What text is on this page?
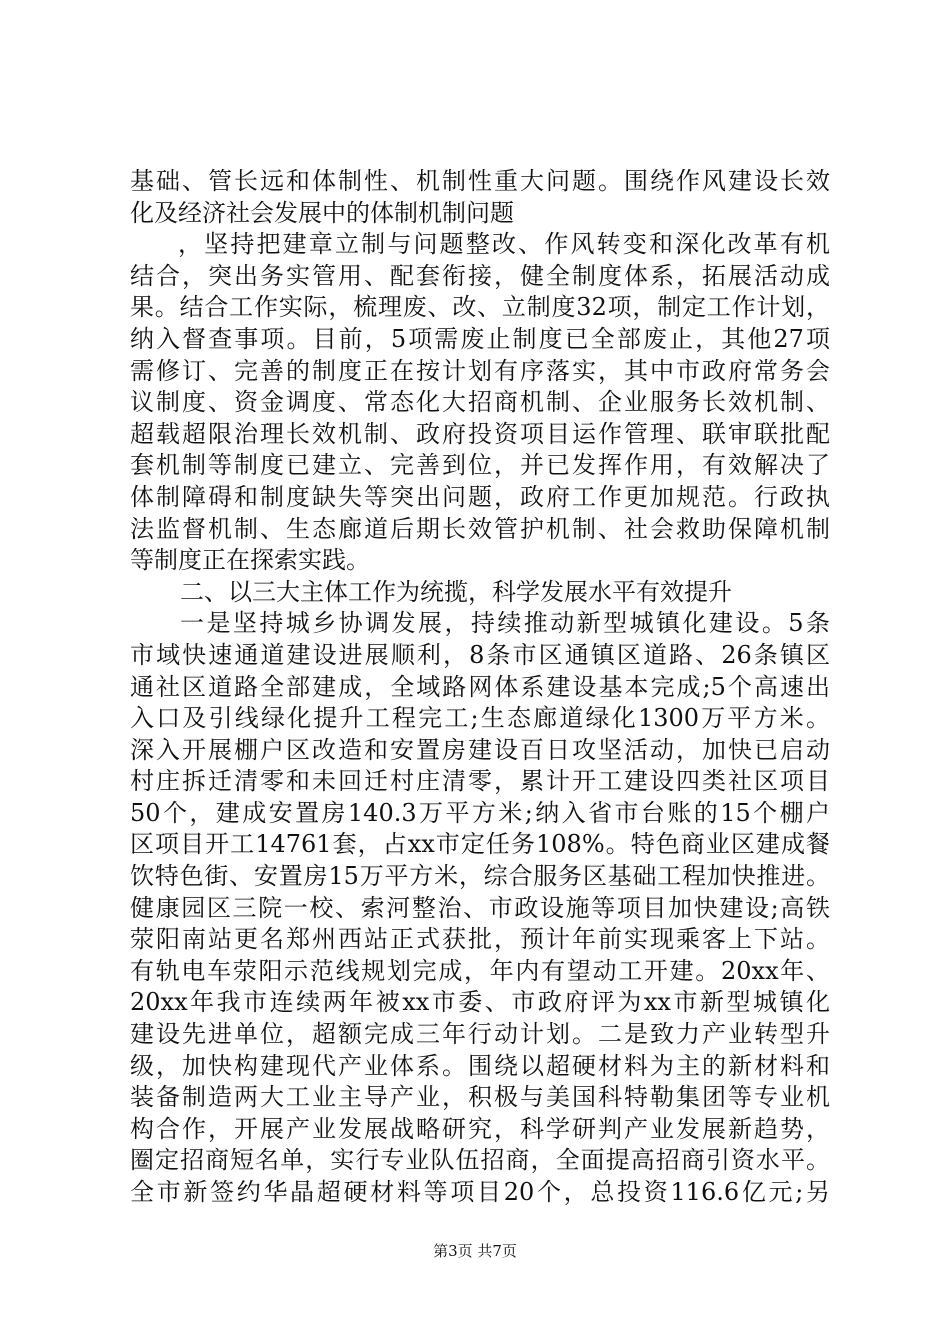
基础、管长远和体制性、机制性重大问题。围绕作风建设长效
化及经济社会发展中的体制机制问题
，坚持把建章立制与问题整改、作风转变和深化改革有机
结合，突出务实管用、配套衔接，健全制度体系，拓展活动成
果。结合工作实际，梳理废、改、立制度32项，制定工作计划，
纳入督查事项。目前，5项需废止制度已全部废止，其他27项
需修订、完善的制度正在按计划有序落实，其中市政府常务会
议制度、资金调度、常态化大招商机制、企业服务长效机制、
超载超限治理长效机制、政府投资项目运作管理、联审联批配
套机制等制度已建立、完善到位，并已发挥作用，有效解决了
体制障碍和制度缺失等突出问题，政府工作更加规范。行政执
法监督机制、生态廊道后期长效管护机制、社会救助保障机制
等制度正在探索实践。
二、以三大主体工作为统揽，科学发展水平有效提升
一是坚持城乡协调发展，持续推动新型城镇化建设。5条
市域快速通道建设进展顺利，8条市区通镇区道路、26条镇区
通社区道路全部建成，全域路网体系建设基本完成;5个高速出
入口及引线绿化提升工程完工;生态廊道绿化1300万平方米。
深入开展棚户区改造和安置房建设百日攻坚活动，加快已启动
村庄拆迁清零和未回迁村庄清零，累计开工建设四类社区项目
50个，建成安置房140.3万平方米;纳入省市台账的15个棚户
区项目开工14761套，占xx市定任务108%。特色商业区建成餐
饮特色街、安置房15万平方米，综合服务区基础工程加快推进。
健康园区三院一校、索河整治、市政设施等项目加快建设;高铁
荥阳南站更名郑州西站正式获批，预计年前实现乘客上下站。
有轨电车荥阳示范线规划完成，年内有望动工开建。20xx年、
20xx年我市连续两年被xx市委、市政府评为xx市新型城镇化
建设先进单位，超额完成三年行动计划。二是致力产业转型升
级，加快构建现代产业体系。围绕以超硬材料为主的新材料和
装备制造两大工业主导产业，积极与美国科特勒集团等专业机
构合作，开展产业发展战略研究，科学研判产业发展新趋势，
圈定招商短名单，实行专业队伍招商，全面提高招商引资水平。
全市新签约华晶超硬材料等项目20个，总投资116.6亿元;另
第3页 共7页
